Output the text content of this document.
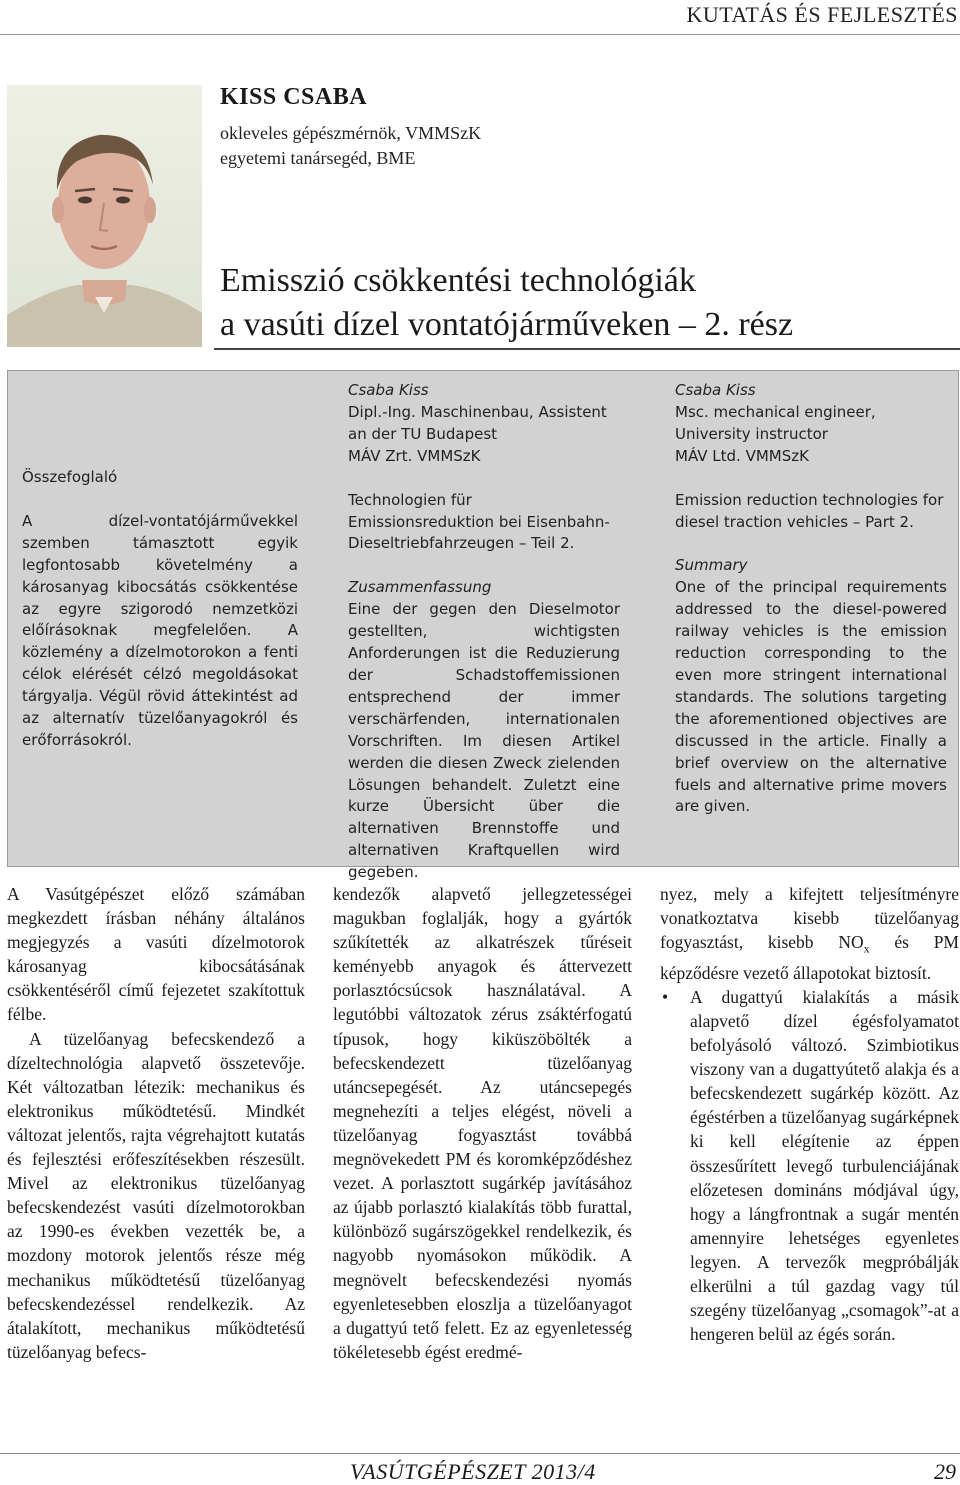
KUTATÁS ÉS FEJLESZTÉS
KISS CSABA
okleveles gépészmérnök, VMMSzK
egyetemi tanársegéd, BME
Emisszió csökkentési technológiák
a vasúti dízel vontatójárműveken – 2. rész

Összefoglaló

A dízel-vontatójárművekkel szemben támasztott egyik legfontosabb követelmény a károsanyag kibocsátás csökkentése az egyre szigorodó nemzetközi előírásoknak megfelelően. A közlemény a dízelmotorokon a fenti célok elérését célzó megoldásokat tárgyalja. Végül rövid áttekintést ad az alternatív tüzelőanyagokról és erőforrásokról.

Csaba Kiss

Dipl.-Ing. Maschinenbau, Assistent an der TU Budapest

MÁV Zrt. VMMSzK

Technologien für Emissionsreduktion bei Eisenbahn-Dieseltriebfahrzeugen – Teil 2.

Zusammenfassung

Eine der gegen den Dieselmotor gestellten, wichtigsten Anforderungen ist die Reduzierung der Schadstoffemissionen entsprechend der immer verschärfenden, internationalen Vorschriften. Im diesen Artikel werden die diesen Zweck zielenden Lösungen behandelt. Zuletzt eine kurze Übersicht über die alternativen Brennstoffe und alternativen Kraftquellen wird gegeben.

Csaba Kiss

Msc. mechanical engineer, University instructor

MÁV Ltd. VMMSzK

Emission reduction technologies for diesel traction vehicles – Part 2.

Summary

One of the principal requirements addressed to the diesel-powered railway vehicles is the emission reduction corresponding to the even more stringent international standards. The solutions targeting the aforementioned objectives are discussed in the article. Finally a brief overview on the alternative fuels and alternative prime movers are given.

A Vasútgépészet előző számában megkezdett írásban néhány általános megjegyzés a vasúti dízelmotorok károsanyag kibocsátásának csökkentéséről című fejezetet szakítottuk félbe.

A tüzelőanyag befecskendező a dízeltechnológia alapvető összetevője. Két változatban létezik: mechanikus és elektronikus működtetésű. Mindkét változat jelentős, rajta végrehajtott kutatás és fejlesztési erőfeszítésekben részesült. Mivel az elektronikus tüzelőanyag befecskendezést vasúti dízelmotorokban az 1990-es években vezették be, a mozdony motorok jelentős része még mechanikus működtetésű tüzelőanyag befecskendezéssel rendelkezik. Az átalakított, mechanikus működtetésű tüzelőanyag befecs-

kendezők alapvető jellegzetességei magukban foglalják, hogy a gyártók szűkítették az alkatrészek tűréseit keményebb anyagok és áttervezett porlasztócsúcsok használatával. A legutóbbi változatok zérus zsáktérfogatú típusok, hogy kiküszöbölték a befecskendezett tüzelőanyag utáncsepegését. Az utáncsepegés megnehezíti a teljes elégést, növeli a tüzelőanyag fogyasztást továbbá megnövekedett PM és koromképződéshez vezet. A porlasztott sugárkép javításához az újabb porlasztó kialakítás több furattal, különböző sugárszögekkel rendelkezik, és nagyobb nyomásokon működik. A megnövelt befecskendezési nyomás egyenletesebben eloszlja a tüzelőanyagot a dugattyú tető felett. Ez az egyenletesség tökéletesebb égést eredmé-

nyez, mely a kifejtett teljesítményre vonatkoztatva kisebb tüzelőanyag fogyasztást, kisebb $NO_x$ és PM képződésre vezető állapotokat biztosít.

• A dugattyú kialakítás a másik alapvető dízel égésfolyamatot befolyásoló változó. Szimbiotikus viszony van a dugattyútető alakja és a befecskendezett sugárkép között. Az égéstérben a tüzelőanyag sugárképnek ki kell elégítenie az éppen összesűrített levegő turbulenciájának előzetesen domináns módjával úgy, hogy a lángfrontnak a sugár mentén amennyire lehetséges egyenletes legyen. A tervezők megpróbálják elkerülni a túl gazdag vagy túl szegény tüzelőanyag „csomagok”-at a hengeren belül az égés során.
VASÚTGÉPÉSZET 2013/4	29
